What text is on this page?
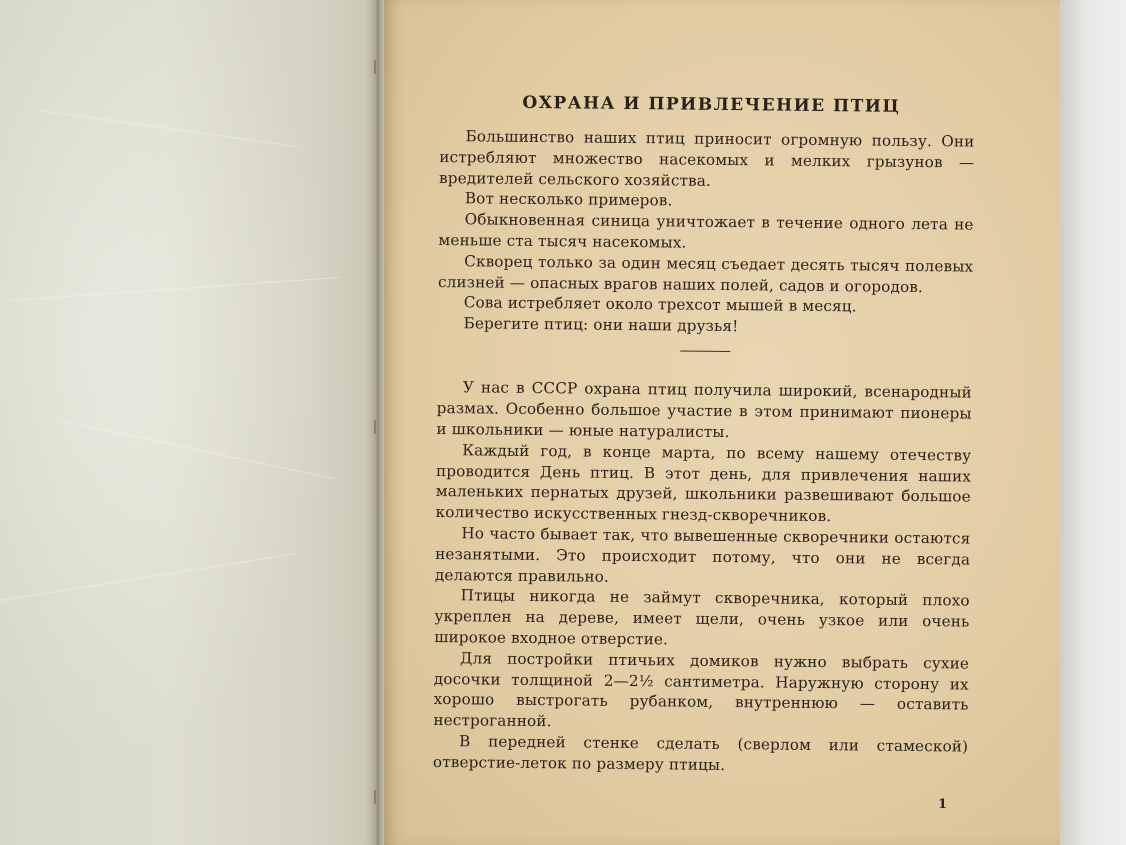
ОХРАНА И ПРИВЛЕЧЕНИЕ ПТИЦ

Большинство наших птиц приносит огромную пользу. Они истребляют множество насекомых и мелких грызунов — вредителей сельского хозяйства.

Вот несколько примеров.

Обыкновенная синица уничтожает в течение одного лета не меньше ста тысяч насекомых.

Скворец только за один месяц съедает десять тысяч полевых слизней — опасных врагов наших полей, садов и огородов.

Сова истребляет около трехсот мышей в месяц.

Берегите птиц: они наши друзья!

У нас в СССР охрана птиц получила широкий, всенародный размах. Особенно большое участие в этом принимают пионеры и школьники — юные натуралисты.

Каждый год, в конце марта, по всему нашему отечеству проводится День птиц. В этот день, для привлечения наших маленьких пернатых друзей, школьники развешивают большое количество искусственных гнезд-скворечников.

Но часто бывает так, что вывешенные скворечники остаются незанятыми. Это происходит потому, что они не всегда делаются правильно.

Птицы никогда не займут скворечника, который плохо укреплен на дереве, имеет щели, очень узкое или очень широкое входное отверстие.

Для постройки птичьих домиков нужно выбрать сухие досочки толщиной 2—2½ сантиметра. Наружную сторону их хорошо выстрогать рубанком, внутреннюю — оставить нестроганной.

В передней стенке сделать (сверлом или стамеской) отверстие-леток по размеру птицы.

1
